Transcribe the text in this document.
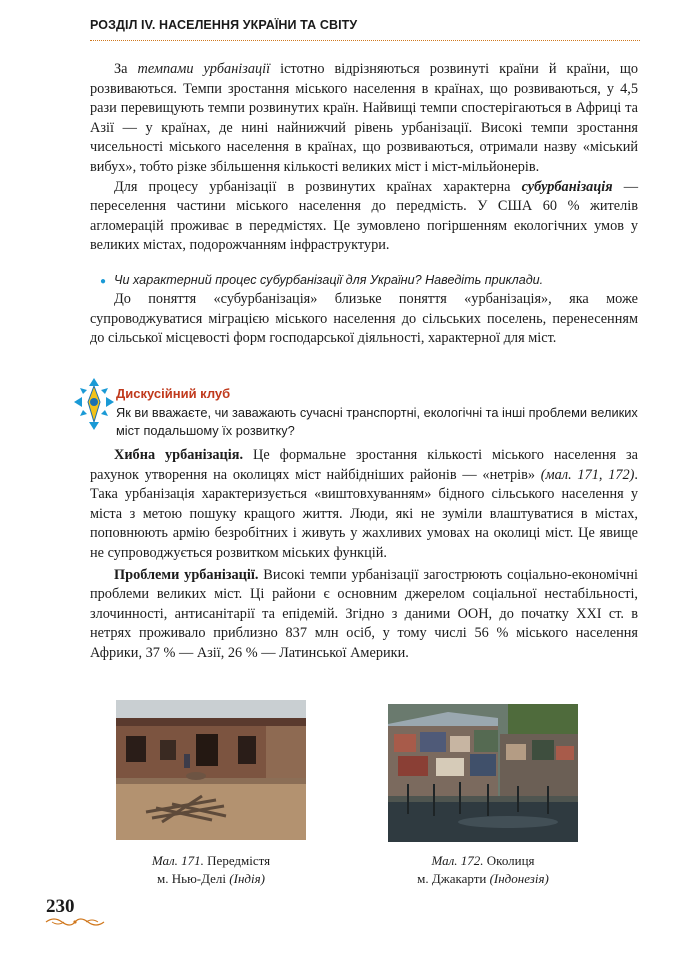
РОЗДІЛ IV. НАСЕЛЕННЯ УКРАЇНИ ТА СВІТУ

За темпами урбанізації істотно відрізняються розвинуті країни й країни, що розвиваються. Темпи зростання міського населення в країнах, що розвиваються, у 4,5 рази перевищують темпи розвинутих країн. Найвищі темпи спостерігаються в Африці та Азії — у країнах, де нині найнижчий рівень урбанізації. Високі темпи зростання чисельності міського населення в країнах, що розвиваються, отримали назву «міський вибух», тобто різке збільшення кількості великих міст і міст-мільйонерів.

Для процесу урбанізації в розвинутих країнах характерна субурбанізація — переселення частини міського населення до передмість. У США 60 % жителів агломерацій проживає в передмістях. Це зумовлено погіршенням екологічних умов у великих містах, подорожчанням інфраструктури.

● Чи характерний процес субурбанізації для України? Наведіть приклади.

До поняття «субурбанізація» близьке поняття «урбанізація», яка може супроводжуватися міграцією міського населення до сільських поселень, перенесенням до сільської місцевості форм господарської діяльності, характерної для міст.

Дискусійний клуб
Як ви вважаєте, чи заважають сучасні транспортні, екологічні та інші проблеми великих міст подальшому їх розвитку?

Хибна урбанізація. Це формальне зростання кількості міського населення за рахунок утворення на околицях міст найбідніших районів — «нетрів» (мал. 171, 172). Така урбанізація характеризується «виштовхуванням» бідного сільського населення у міста з метою пошуку кращого життя. Люди, які не зуміли влаштуватися в містах, поповнюють армію безробітних і живуть у жахливих умовах на околиці міст. Це явище не супроводжується розвитком міських функцій.

Проблеми урбанізації. Високі темпи урбанізації загострюють соціально-економічні проблеми великих міст. Ці райони є основним джерелом соціальної нестабільності, злочинності, антисанітарії та епідемій. Згідно з даними ООН, до початку XXI ст. в нетрях проживало приблизно 837 млн осіб, у тому числі 56 % міського населення Африки, 37 % — Азії, 26 % — Латинської Америки.

Мал. 171. Передмістя
м. Нью-Делі (Індія)
Мал. 172. Околиця
м. Джакарти (Індонезія)
230
